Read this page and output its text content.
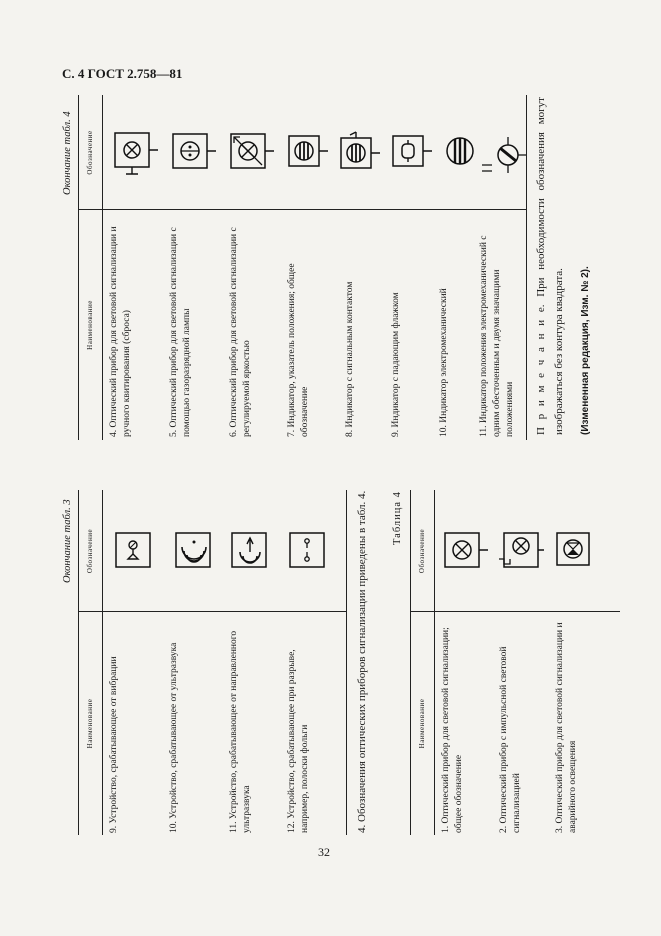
С. 4 ГОСТ 2.758—81
32
Окончание табл. 3
Наименование
Обозначение
9. Устройство, срабатывающее от вибрации	10. Устройство, срабатывающее от ультразвука	11. Устройство, срабатывающее от направленного ультразвука	12. Устройство, срабатывающее при разрыве, например, полоски фольги	4. Обозначения оптических приборов сигнализации приведены в табл. 4. Таблица 4
Наименование
Обозначение
1. Оптический прибор для световой сигнализации; общее обозначение	2. Оптический прибор с импульсной световой сигнализацией	3. Оптический прибор для световой сигнализации и аварийного освещения
Окончание табл. 4
Наименование
Обозначение
4. Оптический прибор для световой сигнализации и ручного квитирования (сброса)	5. Оптический прибор для световой сигнализации с помощью газоразрядной лампы	6. Оптический прибор для световой сигнализации с регулируемой яркостью	7. Индикатор, указатель положения; общее обозначение	8. Индикатор с сигнальным контактом	9. Индикатор с падающим флажком	10. Индикатор электромеханический	11. Индикатор положения электромеханический с одним обесточенным и двумя значащими положениями П р и м е ч а н и е. При необходимости обозначения могут изображаться без контура квадрата.	(Измененная редакция, Изм. № 2).
